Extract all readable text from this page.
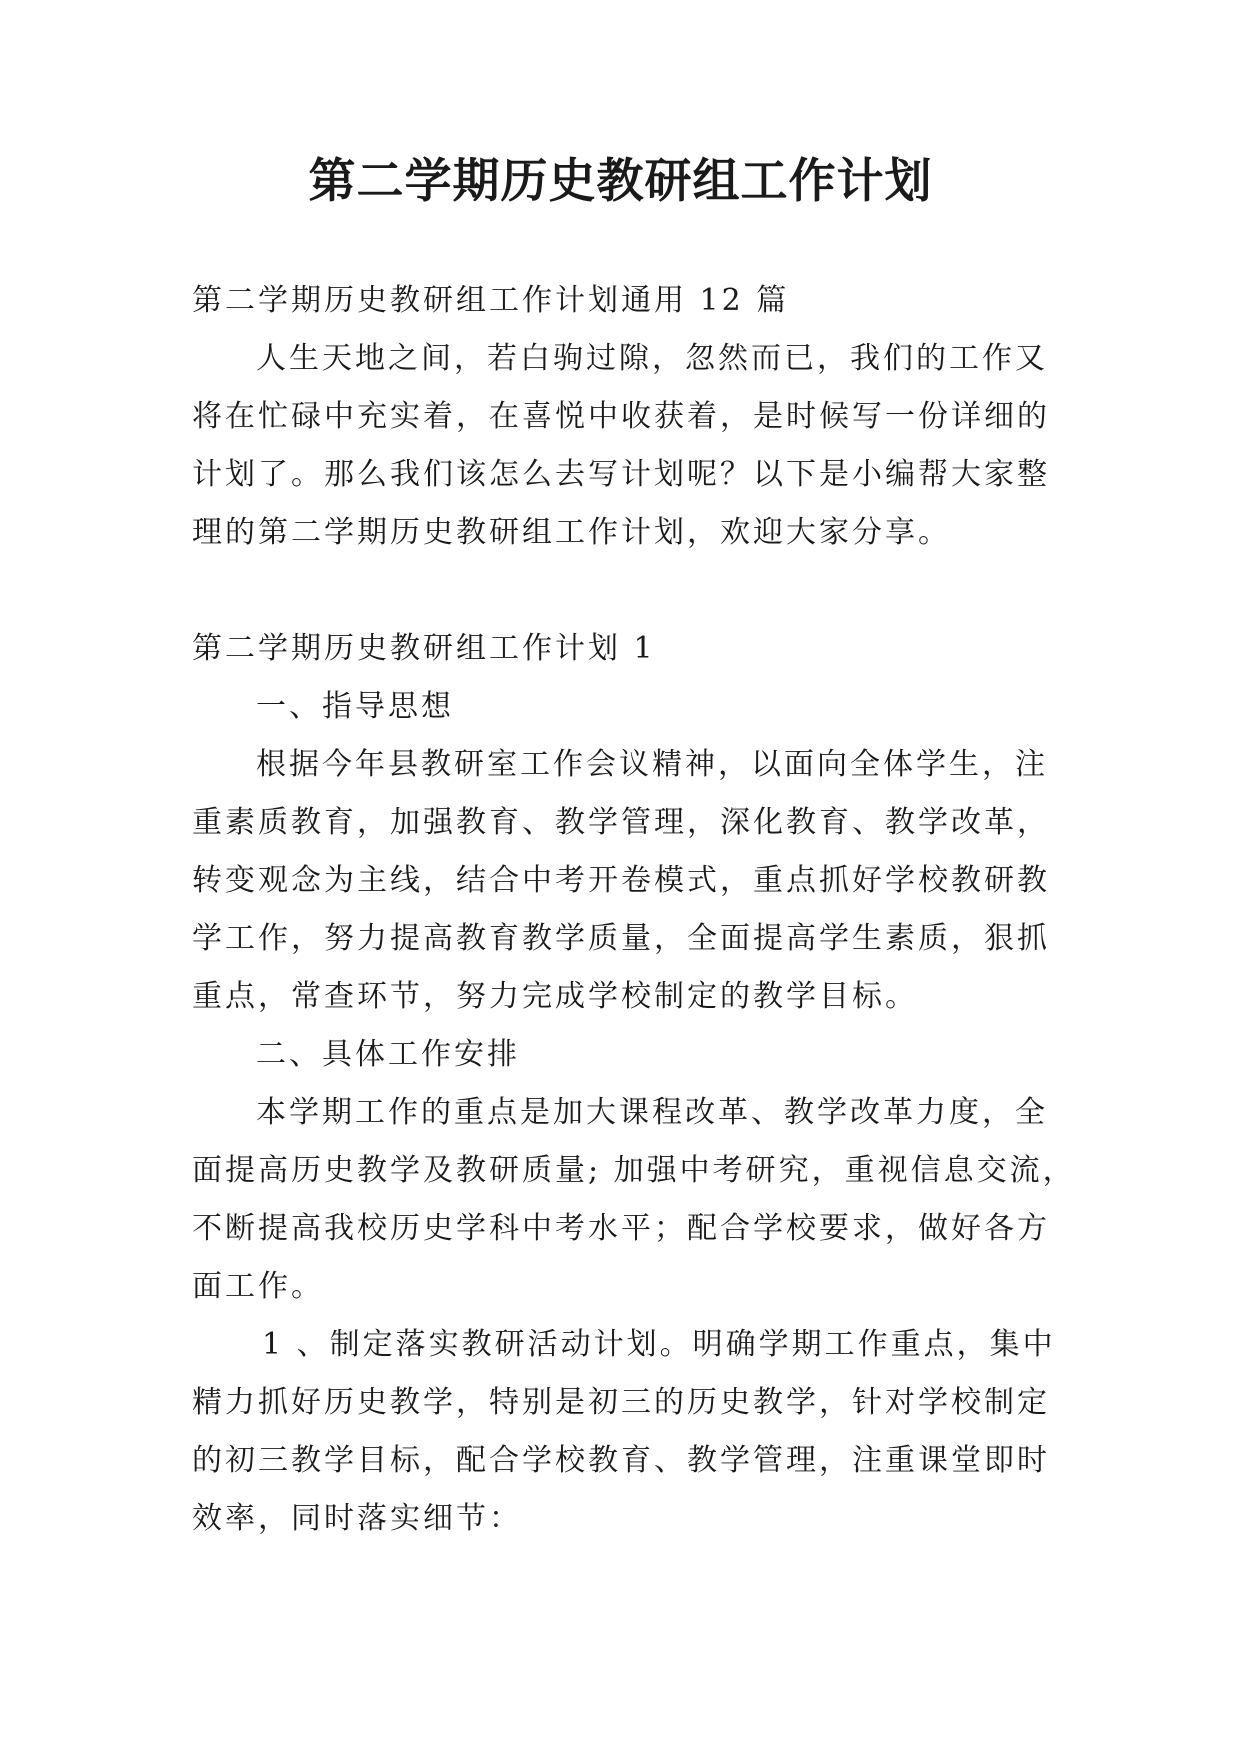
第二学期历史教研组工作计划
第二学期历史教研组工作计划通用 12 篇
人生天地之间，若白驹过隙，忽然而已，我们的工作又
将在忙碌中充实着，在喜悦中收获着，是时候写一份详细的
计划了。那么我们该怎么去写计划呢？以下是小编帮大家整
理的第二学期历史教研组工作计划，欢迎大家分享。
第二学期历史教研组工作计划 1
一、指导思想
根据今年县教研室工作会议精神，以面向全体学生，注
重素质教育，加强教育、教学管理，深化教育、教学改革，
转变观念为主线，结合中考开卷模式，重点抓好学校教研教
学工作，努力提高教育教学质量，全面提高学生素质，狠抓
重点，常查环节，努力完成学校制定的教学目标。
二、具体工作安排
本学期工作的重点是加大课程改革、教学改革力度，全
面提高历史教学及教研质量; 加强中考研究，重视信息交流，
不断提高我校历史学科中考水平；配合学校要求，做好各方
面工作。
1 、制定落实教研活动计划。明确学期工作重点，集中
精力抓好历史教学，特别是初三的历史教学，针对学校制定
的初三教学目标，配合学校教育、教学管理，注重课堂即时
效率，同时落实细节：
